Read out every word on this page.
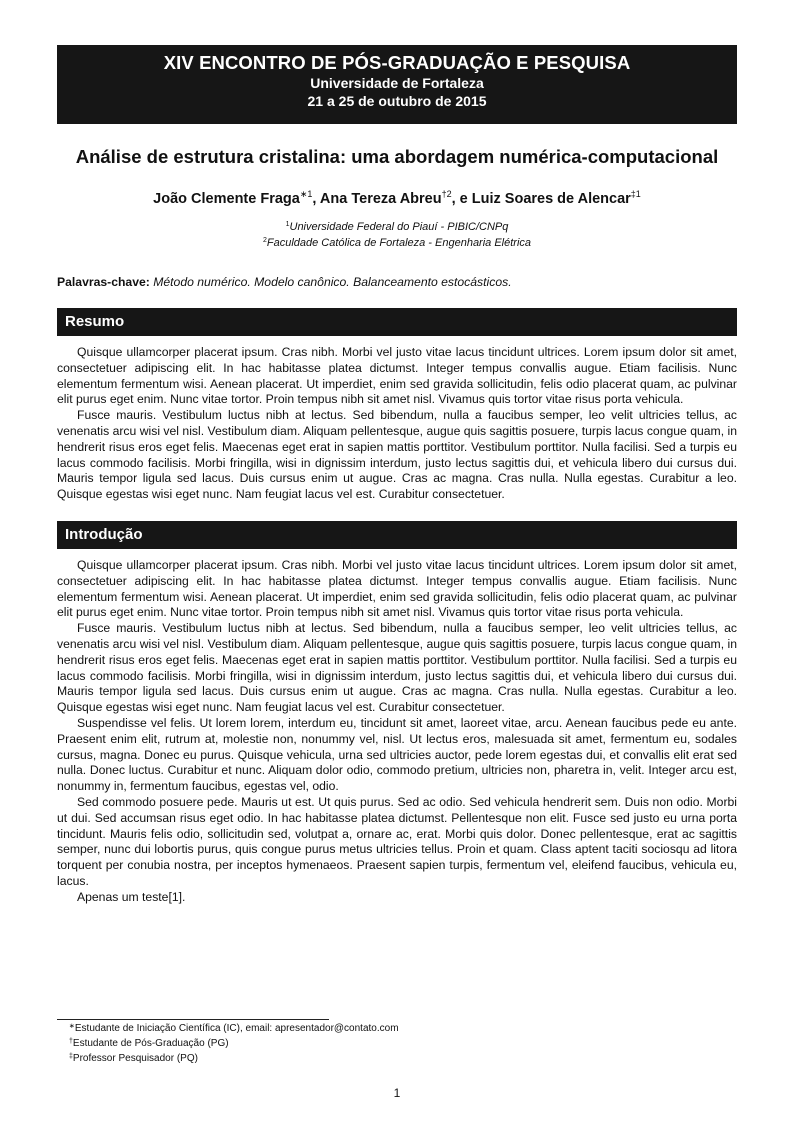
XIV ENCONTRO DE PÓS-GRADUAÇÃO E PESQUISA
Universidade de Fortaleza
21 a 25 de outubro de 2015
Análise de estrutura cristalina: uma abordagem numérica-computacional
João Clemente Fraga$^{∗1}$, Ana Tereza Abreu$^{\dagger 2}$, e Luiz Soares de Alencar$^{\ddagger 1}$
$^1$Universidade Federal do Piauí - PIBIC/CNPq
$^2$Faculdade Católica de Fortaleza - Engenharia Elétrica
Palavras-chave: Método numérico. Modelo canônico. Balanceamento estocásticos.
Resumo

Quisque ullamcorper placerat ipsum. Cras nibh. Morbi vel justo vitae lacus tincidunt ultrices. Lorem ipsum dolor sit amet, consectetuer adipiscing elit. In hac habitasse platea dictumst. Integer tempus convallis augue. Etiam facilisis. Nunc elementum fermentum wisi. Aenean placerat. Ut imperdiet, enim sed gravida sollicitudin, felis odio placerat quam, ac pulvinar elit purus eget enim. Nunc vitae tortor. Proin tempus nibh sit amet nisl. Vivamus quis tortor vitae risus porta vehicula.

Fusce mauris. Vestibulum luctus nibh at lectus. Sed bibendum, nulla a faucibus semper, leo velit ultricies tellus, ac venenatis arcu wisi vel nisl. Vestibulum diam. Aliquam pellentesque, augue quis sagittis posuere, turpis lacus congue quam, in hendrerit risus eros eget felis. Maecenas eget erat in sapien mattis porttitor. Vestibulum porttitor. Nulla facilisi. Sed a turpis eu lacus commodo facilisis. Morbi fringilla, wisi in dignissim interdum, justo lectus sagittis dui, et vehicula libero dui cursus dui. Mauris tempor ligula sed lacus. Duis cursus enim ut augue. Cras ac magna. Cras nulla. Nulla egestas. Curabitur a leo. Quisque egestas wisi eget nunc. Nam feugiat lacus vel est. Curabitur consectetuer.

Introdução

Quisque ullamcorper placerat ipsum. Cras nibh. Morbi vel justo vitae lacus tincidunt ultrices. Lorem ipsum dolor sit amet, consectetuer adipiscing elit. In hac habitasse platea dictumst. Integer tempus convallis augue. Etiam facilisis. Nunc elementum fermentum wisi. Aenean placerat. Ut imperdiet, enim sed gravida sollicitudin, felis odio placerat quam, ac pulvinar elit purus eget enim. Nunc vitae tortor. Proin tempus nibh sit amet nisl. Vivamus quis tortor vitae risus porta vehicula.

Fusce mauris. Vestibulum luctus nibh at lectus. Sed bibendum, nulla a faucibus semper, leo velit ultricies tellus, ac venenatis arcu wisi vel nisl. Vestibulum diam. Aliquam pellentesque, augue quis sagittis posuere, turpis lacus congue quam, in hendrerit risus eros eget felis. Maecenas eget erat in sapien mattis porttitor. Vestibulum porttitor. Nulla facilisi. Sed a turpis eu lacus commodo facilisis. Morbi fringilla, wisi in dignissim interdum, justo lectus sagittis dui, et vehicula libero dui cursus dui. Mauris tempor ligula sed lacus. Duis cursus enim ut augue. Cras ac magna. Cras nulla. Nulla egestas. Curabitur a leo. Quisque egestas wisi eget nunc. Nam feugiat lacus vel est. Curabitur consectetuer.

Suspendisse vel felis. Ut lorem lorem, interdum eu, tincidunt sit amet, laoreet vitae, arcu. Aenean faucibus pede eu ante. Praesent enim elit, rutrum at, molestie non, nonummy vel, nisl. Ut lectus eros, malesuada sit amet, fermentum eu, sodales cursus, magna. Donec eu purus. Quisque vehicula, urna sed ultricies auctor, pede lorem egestas dui, et convallis elit erat sed nulla. Donec luctus. Curabitur et nunc. Aliquam dolor odio, commodo pretium, ultricies non, pharetra in, velit. Integer arcu est, nonummy in, fermentum faucibus, egestas vel, odio.

Sed commodo posuere pede. Mauris ut est. Ut quis purus. Sed ac odio. Sed vehicula hendrerit sem. Duis non odio. Morbi ut dui. Sed accumsan risus eget odio. In hac habitasse platea dictumst. Pellentesque non elit. Fusce sed justo eu urna porta tincidunt. Mauris felis odio, sollicitudin sed, volutpat a, ornare ac, erat. Morbi quis dolor. Donec pellentesque, erat ac sagittis semper, nunc dui lobortis purus, quis congue purus metus ultricies tellus. Proin et quam. Class aptent taciti sociosqu ad litora torquent per conubia nostra, per inceptos hymenaeos. Praesent sapien turpis, fermentum vel, eleifend faucibus, vehicula eu, lacus.

Apenas um teste[1].

∗Estudante de Iniciação Científica (IC), email: apresentador@contato.com
†Estudante de Pós-Graduação (PG)
‡Professor Pesquisador (PQ)
1
